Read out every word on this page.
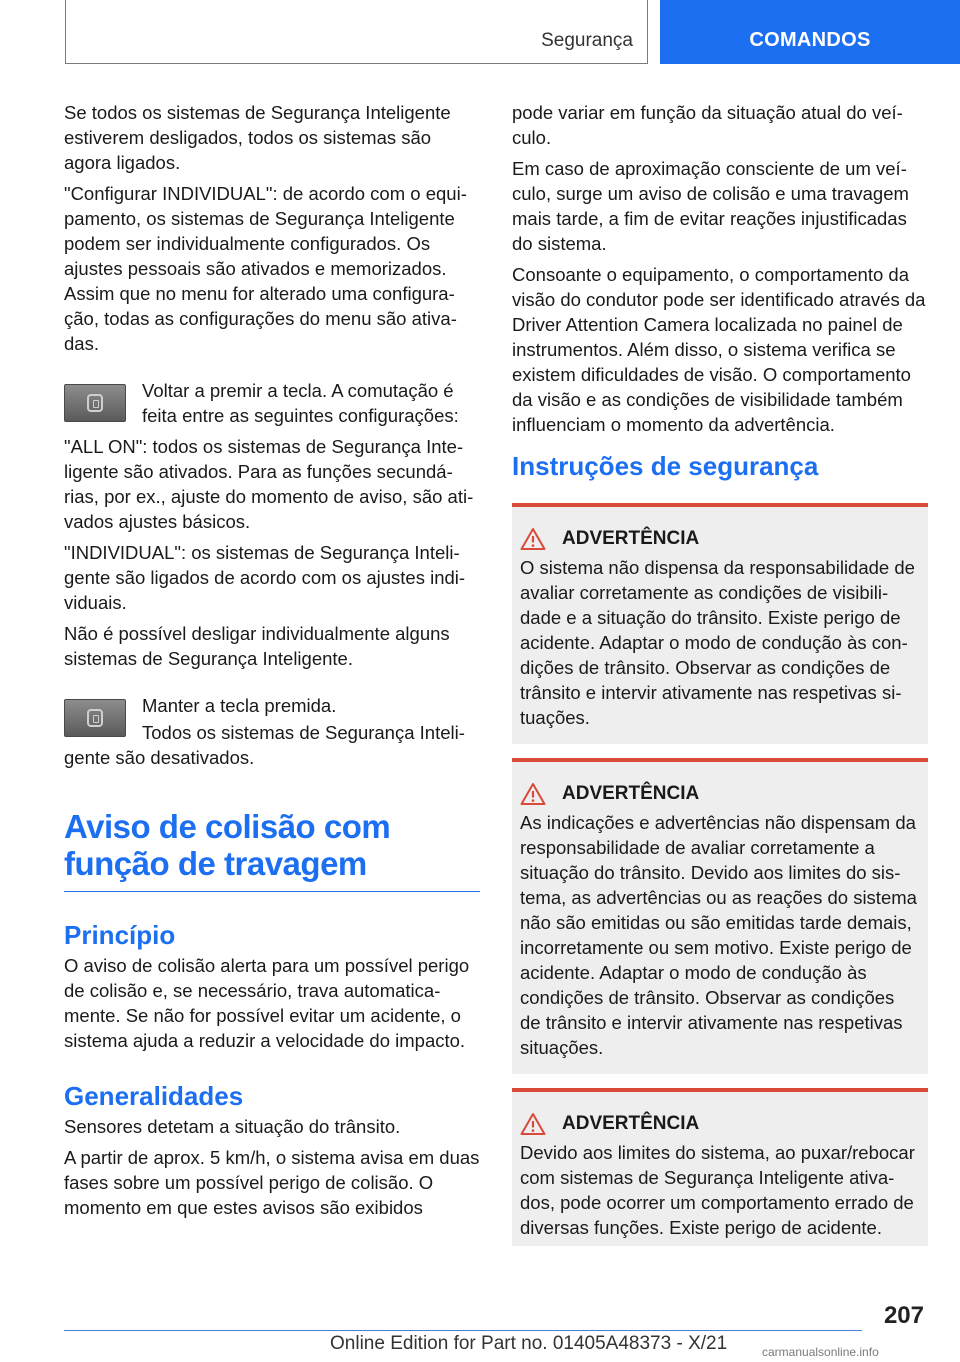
Segurança	COMANDOS

Se todos os sistemas de Segurança Inteligente estiverem desligados, todos os sistemas são agora ligados.

"Configurar INDIVIDUAL": de acordo com o equipamento, os sistemas de Segurança Inteligente podem ser individualmente configurados. Os ajustes pessoais são ativados e memorizados. Assim que no menu for alterado uma configuração, todas as configurações do menu são ativadas.

Voltar a premir a tecla. A comutação é feita entre as seguintes configurações:

"ALL ON": todos os sistemas de Segurança Inteligente são ativados. Para as funções secundárias, por ex., ajuste do momento de aviso, são ativados ajustes básicos.

"INDIVIDUAL": os sistemas de Segurança Inteligente são ligados de acordo com os ajustes individuais.

Não é possível desligar individualmente alguns sistemas de Segurança Inteligente.

Manter a tecla premida.

Todos os sistemas de Segurança Inteligente são desativados.

Aviso de colisão com função de travagem
Princípio

O aviso de colisão alerta para um possível perigo de colisão e, se necessário, trava automaticamente. Se não for possível evitar um acidente, o sistema ajuda a reduzir a velocidade do impacto.

Generalidades

Sensores detetam a situação do trânsito.

A partir de aprox. 5 km/h, o sistema avisa em duas fases sobre um possível perigo de colisão. O momento em que estes avisos são exibidos

pode variar em função da situação atual do veículo.

Em caso de aproximação consciente de um veículo, surge um aviso de colisão e uma travagem mais tarde, a fim de evitar reações injustificadas do sistema.

Consoante o equipamento, o comportamento da visão do condutor pode ser identificado através da Driver Attention Camera localizada no painel de instrumentos. Além disso, o sistema verifica se existem dificuldades de visão. O comportamento da visão e as condições de visibilidade também influenciam o momento da advertência.

Instruções de segurança
ADVERTÊNCIA

O sistema não dispensa da responsabilidade de avaliar corretamente as condições de visibilidade e a situação do trânsito. Existe perigo de acidente. Adaptar o modo de condução às condições de trânsito. Observar as condições de trânsito e intervir ativamente nas respetivas situações.

ADVERTÊNCIA

As indicações e advertências não dispensam da responsabilidade de avaliar corretamente a situação do trânsito. Devido aos limites do sistema, as advertências ou as reações do sistema não são emitidas ou são emitidas tarde demais, incorretamente ou sem motivo. Existe perigo de acidente. Adaptar o modo de condução às condições de trânsito. Observar as condições de trânsito e intervir ativamente nas respetivas situações.

ADVERTÊNCIA

Devido aos limites do sistema, ao puxar/rebocar com sistemas de Segurança Inteligente ativados, pode ocorrer um comportamento errado de diversas funções. Existe perigo de acidente.

207
Online Edition for Part no. 01405A48373 - X/21	carmanualsonline.info
